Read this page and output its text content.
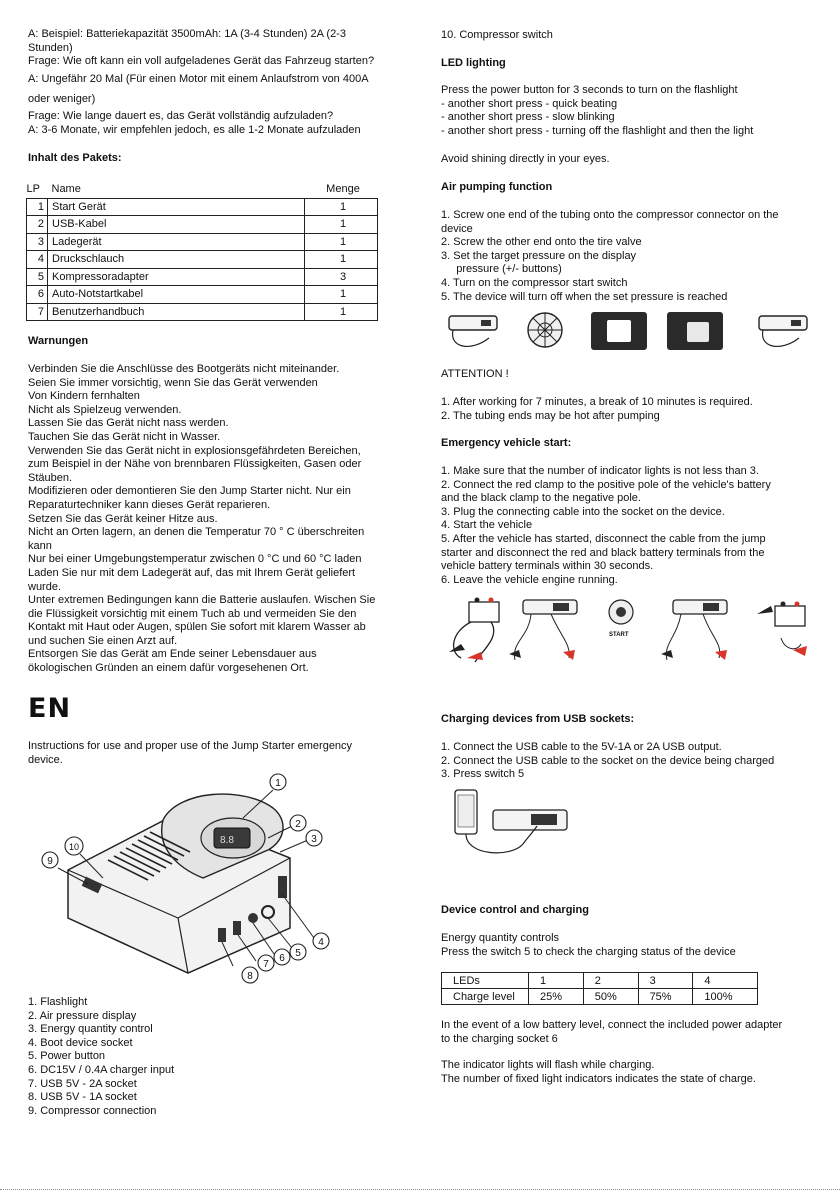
A: Beispiel: Batteriekapazität 3500mAh: 1A (3-4 Stunden) 2A (2-3
Stunden)
Frage: Wie oft kann ein voll aufgeladenes Gerät das Fahrzeug starten?
A: Ungefähr 20 Mal (Für einen Motor mit einem Anlaufstrom von 400A
oder weniger)
Frage: Wie lange dauert es, das Gerät vollständig aufzuladen?
A: 3-6 Monate, wir empfehlen jedoch, es alle 1-2 Monate aufzuladen
Inhalt des Pakets:
LP	Name	Menge
1	Start Gerät	1
2	USB-Kabel	1
3	Ladegerät	1
4	Druckschlauch	1
5	Kompressoradapter	3
6	Auto-Notstartkabel	1
7	Benutzerhandbuch	1
Warnungen
Verbinden Sie die Anschlüsse des Bootgeräts nicht miteinander.
Seien Sie immer vorsichtig, wenn Sie das Gerät verwenden
Von Kindern fernhalten
Nicht als Spielzeug verwenden.
Lassen Sie das Gerät nicht nass werden.
Tauchen Sie das Gerät nicht in Wasser.
Verwenden Sie das Gerät nicht in explosionsgefährdeten Bereichen,
zum Beispiel in der Nähe von brennbaren Flüssigkeiten, Gasen oder
Stäuben.
Modifizieren oder demontieren Sie den Jump Starter nicht. Nur ein
Reparaturtechniker kann dieses Gerät reparieren.
Setzen Sie das Gerät keiner Hitze aus.
Nicht an Orten lagern, an denen die Temperatur 70 ° C überschreiten
kann
Nur bei einer Umgebungstemperatur zwischen 0 °C und 60 °C laden
Laden Sie nur mit dem Ladegerät auf, das mit Ihrem Gerät geliefert
wurde.
Unter extremen Bedingungen kann die Batterie auslaufen. Wischen Sie
die Flüssigkeit vorsichtig mit einem Tuch ab und vermeiden Sie den
Kontakt mit Haut oder Augen, spülen Sie sofort mit klarem Wasser ab
und suchen Sie einen Arzt auf.
Entsorgen Sie das Gerät am Ende seiner Lebensdauer aus
ökologischen Gründen an einem dafür vorgesehenen Ort.
EN
Instructions for use and proper use of the Jump Starter emergency
device.
8.8
1
2
3
4
5
6
7
8
9
10
1. Flashlight
2. Air pressure display
3. Energy quantity control
4. Boot device socket
5. Power button
6. DC15V / 0.4A charger input
7. USB 5V - 2A socket
8. USB 5V - 1A socket
9. Compressor connection
10. Compressor switch
LED lighting
Press the power button for 3 seconds to turn on the flashlight
- another short press - quick beating
- another short press - slow blinking
- another short press - turning off the flashlight and then the light
Avoid shining directly in your eyes.
Air pumping function
1. Screw one end of the tubing onto the compressor connector on the
device
2. Screw the other end onto the tire valve
3. Set the target pressure on the display
pressure (+/- buttons)
4. Turn on the compressor start switch
5. The device will turn off when the set pressure is reached
ATTENTION !
1. After working for 7 minutes, a break of 10 minutes is required.
2. The tubing ends may be hot after pumping
Emergency vehicle start:
1. Make sure that the number of indicator lights is not less than 3.
2. Connect the red clamp to the positive pole of the vehicle's battery
and the black clamp to the negative pole.
3. Plug the connecting cable into the socket on the device.
4. Start the vehicle
5. After the vehicle has started, disconnect the cable from the jump
starter and disconnect the red and black battery terminals from the
vehicle battery terminals within 30 seconds.
6. Leave the vehicle engine running.
START
Charging devices from USB sockets:
1. Connect the USB cable to the 5V-1A or 2A USB output.
2. Connect the USB cable to the socket on the device being charged
3. Press switch 5
Device control and charging
Energy quantity controls
Press the switch 5 to check the charging status of the device
LEDs	1	2	3	4
Charge level	25%	50%	75%	100%
In the event of a low battery level, connect the included power adapter
to the charging socket 6
The indicator lights will flash while charging.
The number of fixed light indicators indicates the state of charge.
